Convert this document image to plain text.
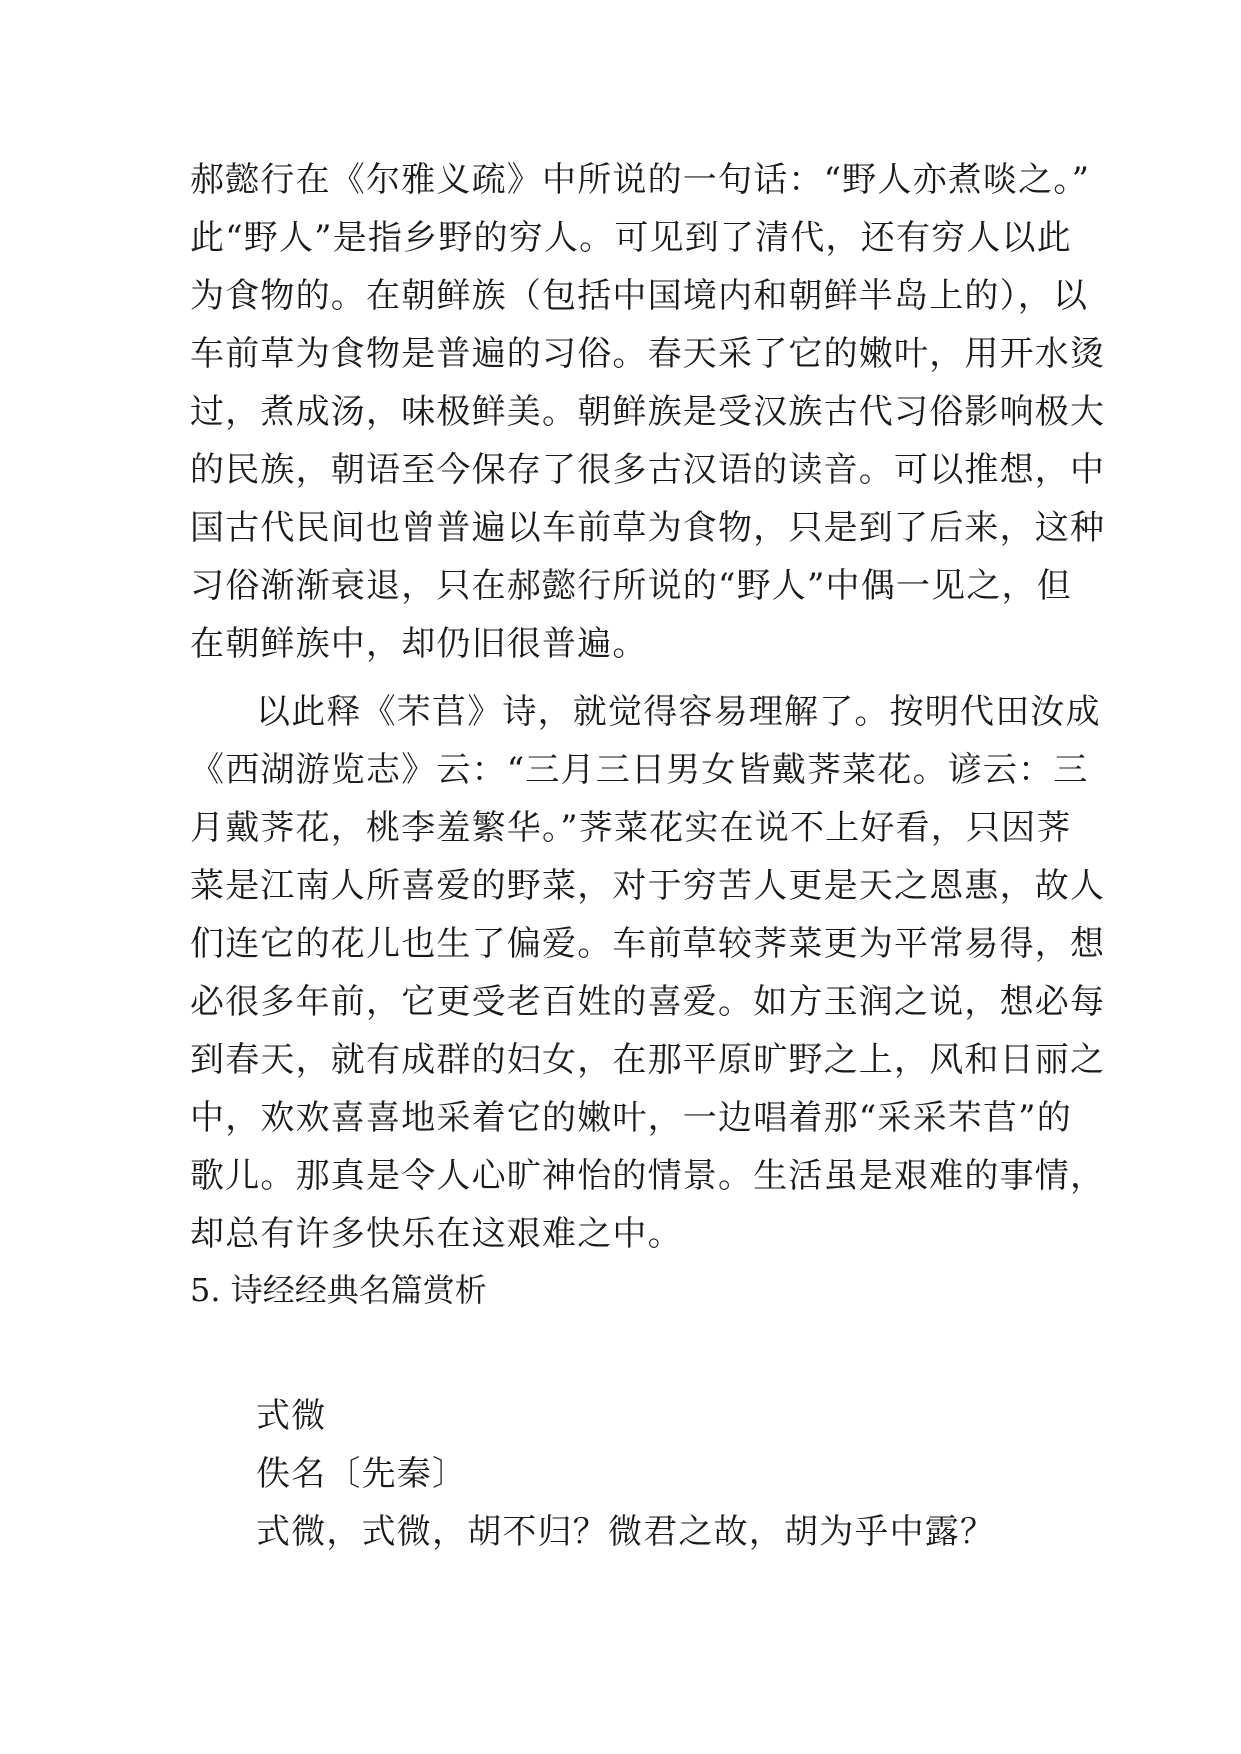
郝懿行在《尔雅义疏》中所说的一句话：“野人亦煮啖之。”
此“野人”是指乡野的穷人。可见到了清代，还有穷人以此
为食物的。在朝鲜族（包括中国境内和朝鲜半岛上的），以
车前草为食物是普遍的习俗。春天采了它的嫩叶，用开水烫
过，煮成汤，味极鲜美。朝鲜族是受汉族古代习俗影响极大
的民族，朝语至今保存了很多古汉语的读音。可以推想，中
国古代民间也曾普遍以车前草为食物，只是到了后来，这种
习俗渐渐衰退，只在郝懿行所说的“野人”中偶一见之，但
在朝鲜族中，却仍旧很普遍。
以此释《芣苢》诗，就觉得容易理解了。按明代田汝成
《西湖游览志》云：“三月三日男女皆戴荠菜花。谚云：三
月戴荠花，桃李羞繁华。”荠菜花实在说不上好看，只因荠
菜是江南人所喜爱的野菜，对于穷苦人更是天之恩惠，故人
们连它的花儿也生了偏爱。车前草较荠菜更为平常易得，想
必很多年前，它更受老百姓的喜爱。如方玉润之说，想必每
到春天，就有成群的妇女，在那平原旷野之上，风和日丽之
中，欢欢喜喜地采着它的嫩叶，一边唱着那“采采芣苢”的
歌儿。那真是令人心旷神怡的情景。生活虽是艰难的事情，
却总有许多快乐在这艰难之中。
5. 诗经经典名篇赏析
式微
佚名〔先秦〕
式微，式微，胡不归？微君之故，胡为乎中露？
